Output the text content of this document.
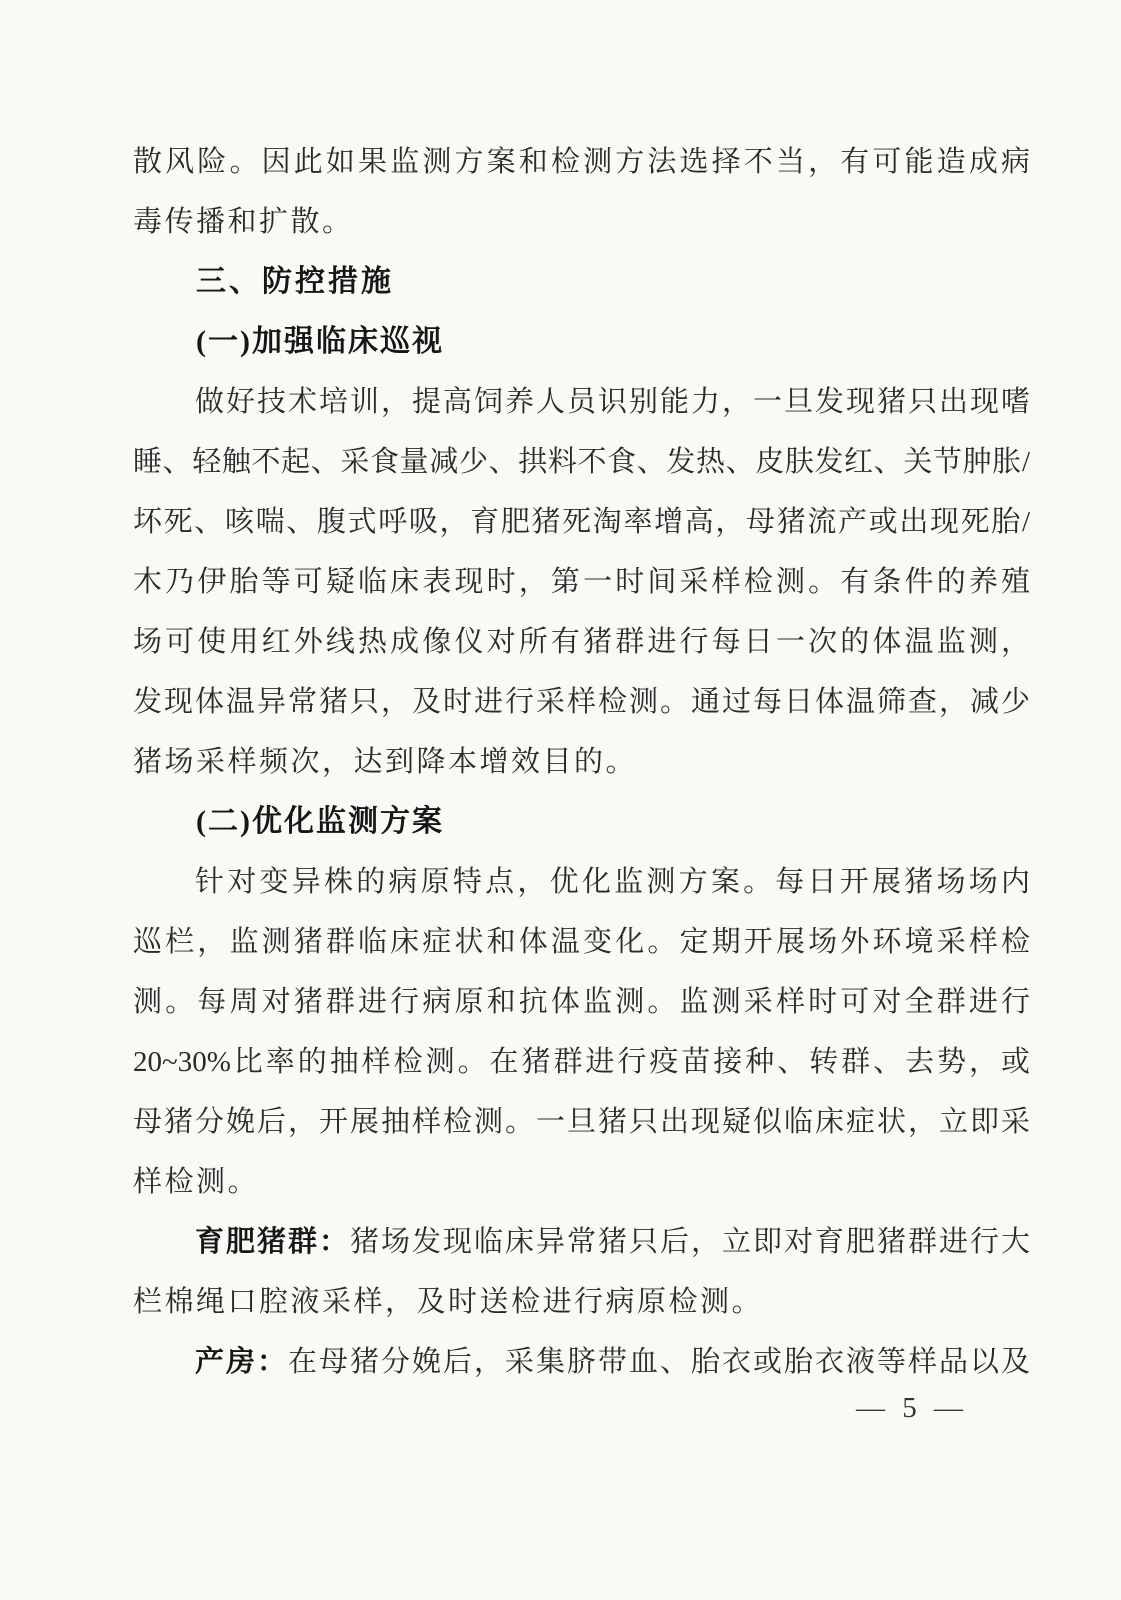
散风险。因此如果监测方案和检测方法选择不当，有可能造成病

毒传播和扩散。

三、防控措施
(一)加强临床巡视

做好技术培训，提高饲养人员识别能力，一旦发现猪只出现嗜

睡、轻触不起、采食量减少、拱料不食、发热、皮肤发红、关节肿胀/

坏死、咳喘、腹式呼吸，育肥猪死淘率增高，母猪流产或出现死胎/

木乃伊胎等可疑临床表现时，第一时间采样检测。有条件的养殖

场可使用红外线热成像仪对所有猪群进行每日一次的体温监测，

发现体温异常猪只，及时进行采样检测。通过每日体温筛查，减少

猪场采样频次，达到降本增效目的。

(二)优化监测方案

针对变异株的病原特点，优化监测方案。每日开展猪场场内

巡栏，监测猪群临床症状和体温变化。定期开展场外环境采样检

测。每周对猪群进行病原和抗体监测。监测采样时可对全群进行

20~30%比率的抽样检测。在猪群进行疫苗接种、转群、去势，或

母猪分娩后，开展抽样检测。一旦猪只出现疑似临床症状，立即采

样检测。

育肥猪群：猪场发现临床异常猪只后，立即对育肥猪群进行大

栏棉绳口腔液采样，及时送检进行病原检测。

产房：在母猪分娩后，采集脐带血、胎衣或胎衣液等样品以及

— 5 —
